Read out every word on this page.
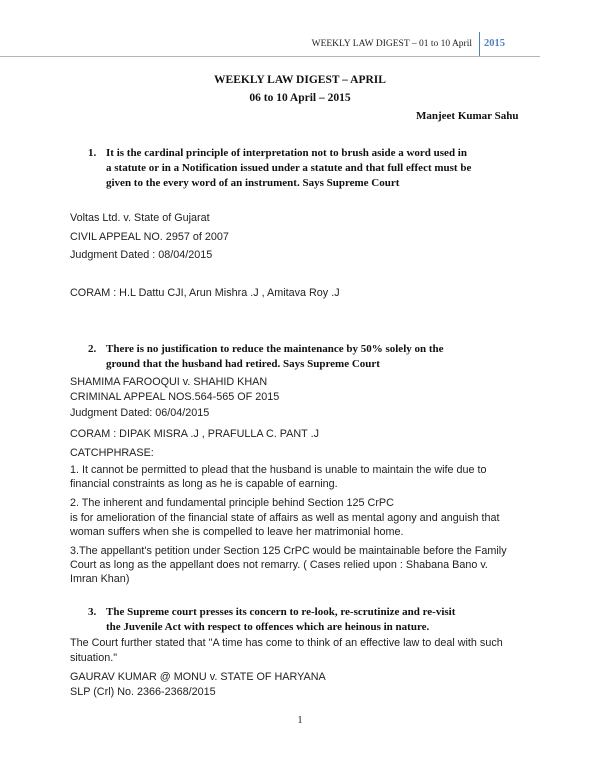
WEEKLY LAW DIGEST – 01 to 10 April 2015
WEEKLY LAW DIGEST – APRIL
06 to 10 April – 2015
Manjeet Kumar Sahu
1. It is the cardinal principle of interpretation not to brush aside a word used in
a statute or in a Notification issued under a statute and that full effect must be
given to the every word of an instrument. Says Supreme Court
Voltas Ltd. v. State of Gujarat
CIVIL APPEAL NO. 2957 of 2007
Judgment Dated : 08/04/2015
CORAM : H.L Dattu CJI, Arun Mishra .J , Amitava Roy .J
2. There is no justification to reduce the maintenance by 50% solely on the
ground that the husband had retired. Says Supreme Court
SHAMIMA FAROOQUI v. SHAHID KHAN
CRIMINAL APPEAL NOS.564-565 OF 2015
Judgment Dated: 06/04/2015
CORAM : DIPAK MISRA .J , PRAFULLA C. PANT .J
CATCHPHRASE:
1. It cannot be permitted to plead that the husband is unable to maintain the wife due to
financial constraints as long as he is capable of earning.
2. The inherent and fundamental principle behind Section 125 CrPC
is for amelioration of the financial state of affairs as well as mental agony and anguish that
woman suffers when she is compelled to leave her matrimonial home.
3.The appellant's petition under Section 125 CrPC would be maintainable before the Family
Court as long as the appellant does not remarry. ( Cases relied upon : Shabana Bano v.
Imran Khan)
3. The Supreme court presses its concern to re-look, re-scrutinize and re-visit
the Juvenile Act with respect to offences which are heinous in nature.
The Court further stated that "A time has come to think of an effective law to deal with such
situation."
GAURAV KUMAR @ MONU v. STATE OF HARYANA
SLP (Crl) No. 2366-2368/2015
1
